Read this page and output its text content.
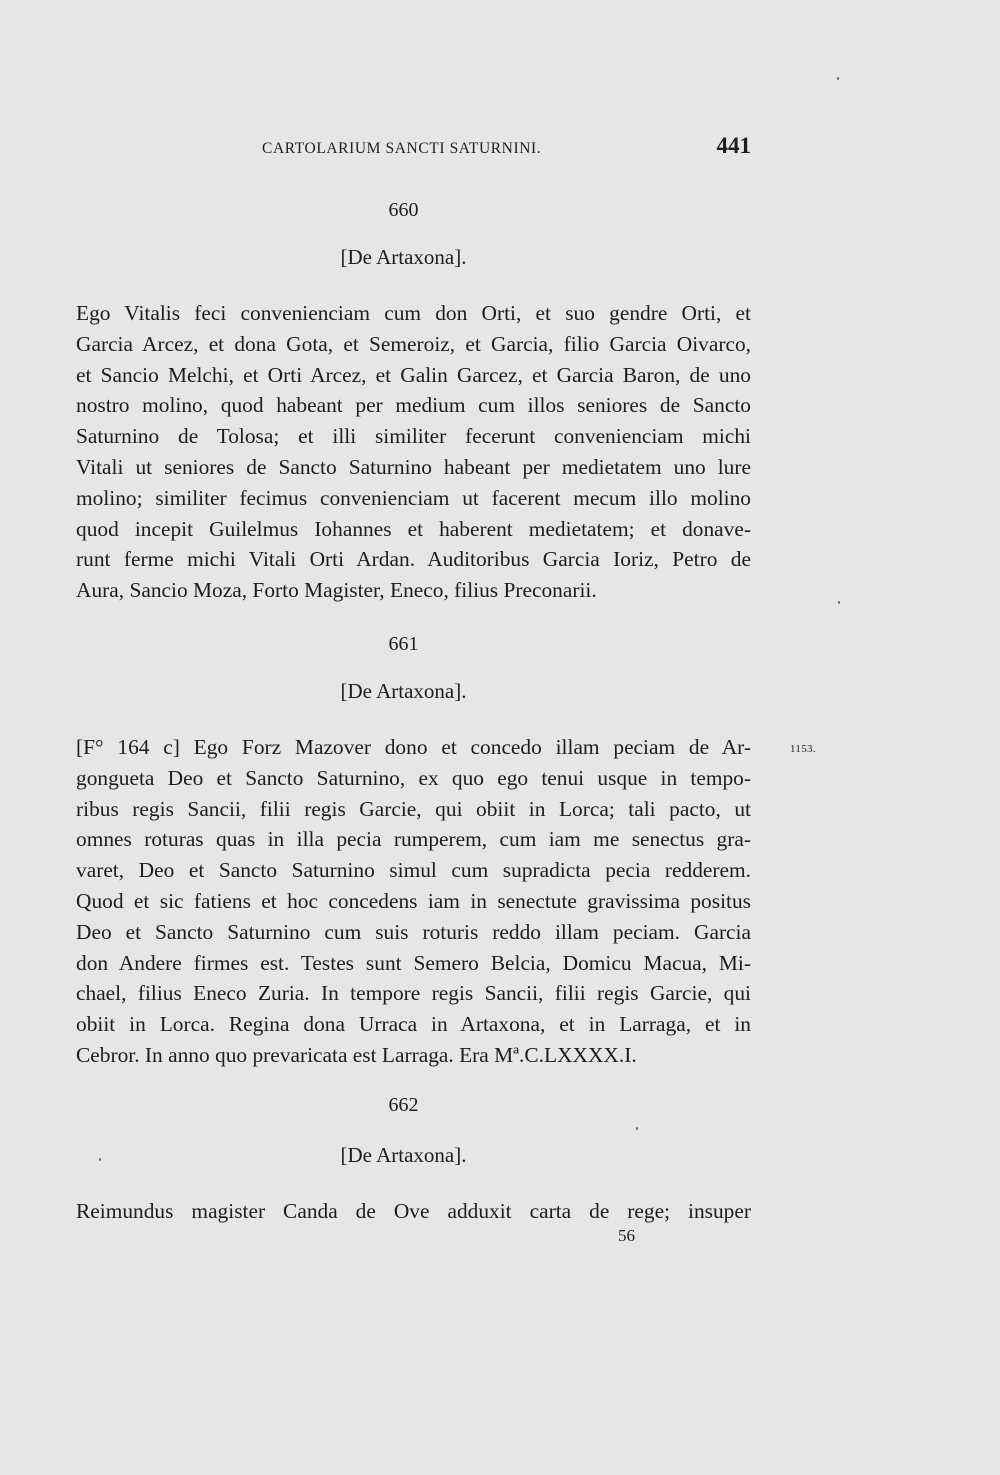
CARTOLARIUM SANCTI SATURNINI.	441
660
[De Artaxona].

Ego Vitalis feci convenienciam cum don Orti, et suo gendre Orti, et
Garcia Arcez, et dona Gota, et Semeroiz, et Garcia, filio Garcia Oivarco,
et Sancio Melchi, et Orti Arcez, et Galin Garcez, et Garcia Baron, de uno
nostro molino, quod habeant per medium cum illos seniores de Sancto
Saturnino de Tolosa; et illi similiter fecerunt convenienciam michi
Vitali ut seniores de Sancto Saturnino habeant per medietatem uno lure
molino; similiter fecimus convenienciam ut facerent mecum illo molino
quod incepit Guilelmus Iohannes et haberent medietatem; et donave-
runt ferme michi Vitali Orti Ardan. Auditoribus Garcia Ioriz, Petro de
Aura, Sancio Moza, Forto Magister, Eneco, filius Preconarii.

661
[De Artaxona].
1153.

[F° 164 c] Ego Forz Mazover dono et concedo illam peciam de Ar-
gongueta Deo et Sancto Saturnino, ex quo ego tenui usque in tempo-
ribus regis Sancii, filii regis Garcie, qui obiit in Lorca; tali pacto, ut
omnes roturas quas in illa pecia rumperem, cum iam me senectus gra-
varet, Deo et Sancto Saturnino simul cum supradicta pecia redderem.
Quod et sic fatiens et hoc concedens iam in senectute gravissima positus
Deo et Sancto Saturnino cum suis roturis reddo illam peciam. Garcia
don Andere firmes est. Testes sunt Semero Belcia, Domicu Macua, Mi-
chael, filius Eneco Zuria. In tempore regis Sancii, filii regis Garcie, qui
obiit in Lorca. Regina dona Urraca in Artaxona, et in Larraga, et in
Cebror. In anno quo prevaricata est Larraga. Era Mª.C.LXXXX.I.

662
[De Artaxona].

Reimundus magister Canda de Ove adduxit carta de rege; insuper

56
